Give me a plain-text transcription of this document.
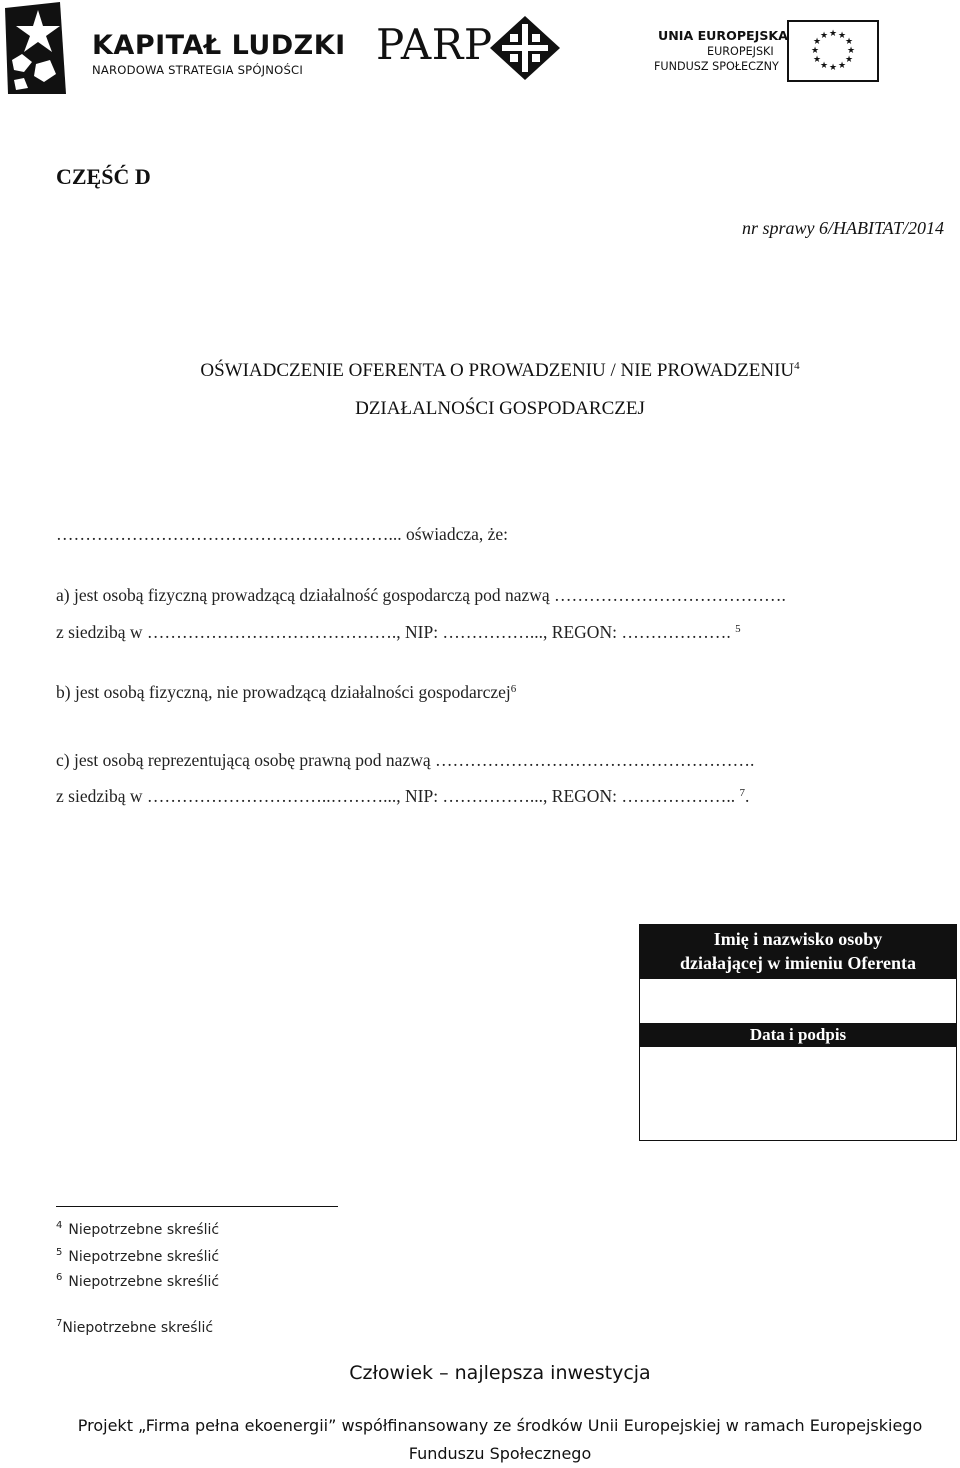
KAPITAŁ LUDZKI
NARODOWA STRATEGIA SPÓJNOŚCI
PARP	UNIA EUROPEJSKA
EUROPEJSKI
FUNDUSZ SPOŁECZNY
★ ★
★
★
★
★
★
★
★
★
★
★
CZĘŚĆ D
nr sprawy 6/HABITAT/2014
OŚWIADCZENIE OFERENTA O PROWADZENIU / NIE PROWADZENIU$^4$
DZIAŁALNOŚCI GOSPODARCZEJ
…………………………………………………... oświadcza, że:
a) jest osobą fizyczną prowadzącą działalność gospodarczą pod nazwą ………………………………….
z siedzibą w ……………………………………., NIP: ……………..., REGON: ………………. $^5$
b) jest osobą fizyczną, nie prowadzącą działalności gospodarczej$^6$
c) jest osobą reprezentującą osobę prawną pod nazwą ……………………………………………….
z siedzibą w …………………………..………..., NIP: ……………..., REGON: ……………….. $^7$.
Imię i nazwisko osoby
działającej w imieniu Oferenta
Data i podpis
$^4$ Niepotrzebne skreślić
$^5$ Niepotrzebne skreślić
$^6$ Niepotrzebne skreślić
$^7$Niepotrzebne skreślić
Człowiek – najlepsza inwestycja
Projekt „Firma pełna ekoenergii” współfinansowany ze środków Unii Europejskiej w ramach Europejskiego
Funduszu Społecznego
